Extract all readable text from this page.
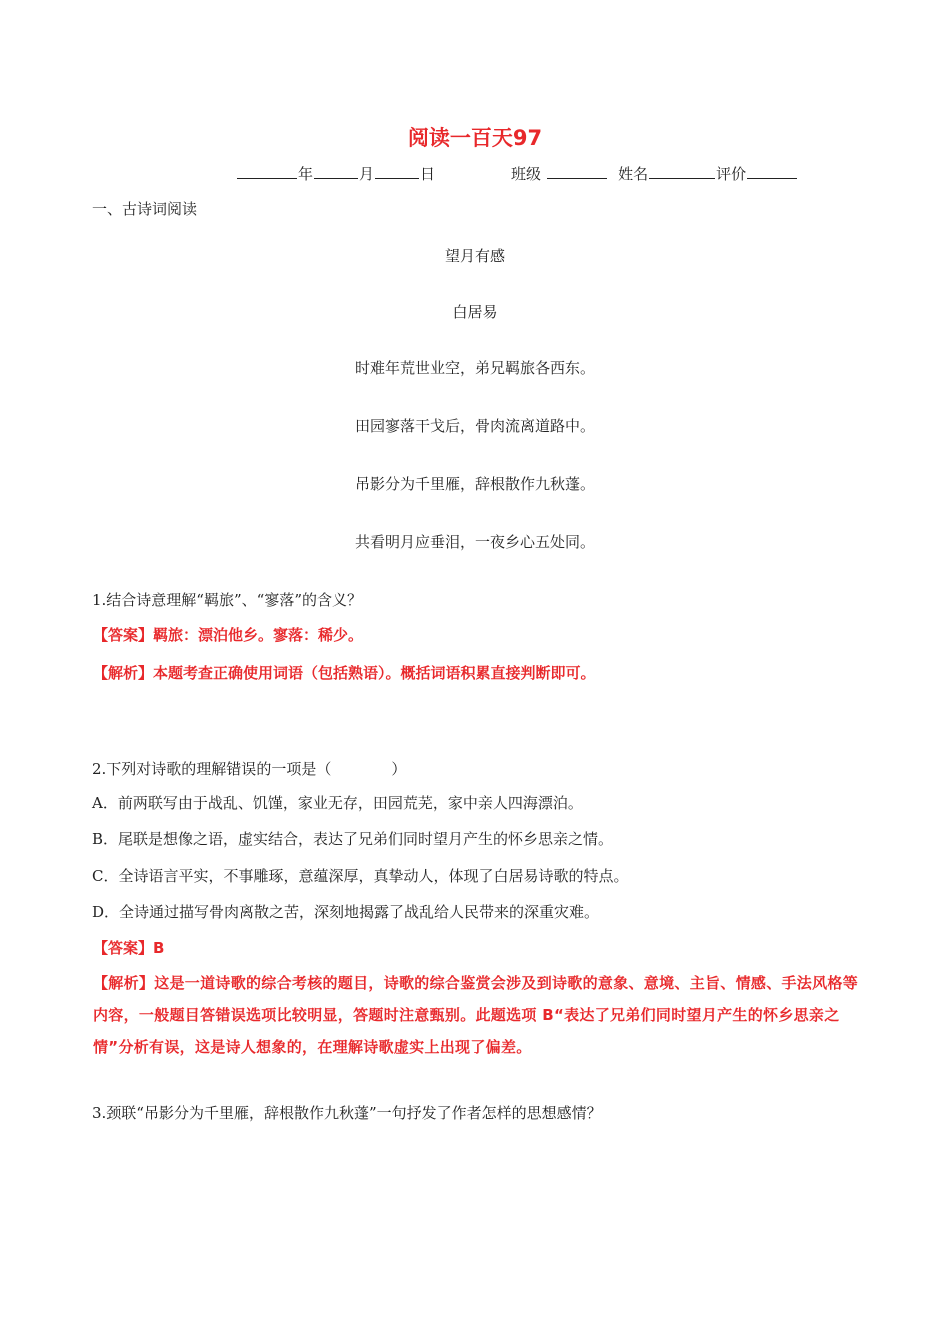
阅读一百天97
年	月	日	班级	姓名	评价
一、古诗词阅读
望月有感
白居易
时难年荒世业空，弟兄羁旅各西东。
田园寥落干戈后，骨肉流离道路中。
吊影分为千里雁，辞根散作九秋蓬。
共看明月应垂泪，一夜乡心五处同。
1.结合诗意理解“羁旅”、“寥落”的含义？
【答案】羁旅：漂泊他乡。寥落：稀少。
【解析】本题考查正确使用词语（包括熟语）。概括词语积累直接判断即可。
2.下列对诗歌的理解错误的一项是（　　　　）
A．前两联写由于战乱、饥馑，家业无存，田园荒芜，家中亲人四海漂泊。
B．尾联是想像之语，虚实结合，表达了兄弟们同时望月产生的怀乡思亲之情。
C．全诗语言平实，不事雕琢，意蕴深厚，真挚动人，体现了白居易诗歌的特点。
D．全诗通过描写骨肉离散之苦，深刻地揭露了战乱给人民带来的深重灾难。
【答案】B
【解析】这是一道诗歌的综合考核的题目，诗歌的综合鉴赏会涉及到诗歌的意象、意境、主旨、情感、手法风格等内容，一般题目答错误选项比较明显，答题时注意甄别。此题选项 B“表达了兄弟们同时望月产生的怀乡思亲之情”分析有误，这是诗人想象的，在理解诗歌虚实上出现了偏差。
3.颈联“吊影分为千里雁，辞根散作九秋蓬”一句抒发了作者怎样的思想感情？
